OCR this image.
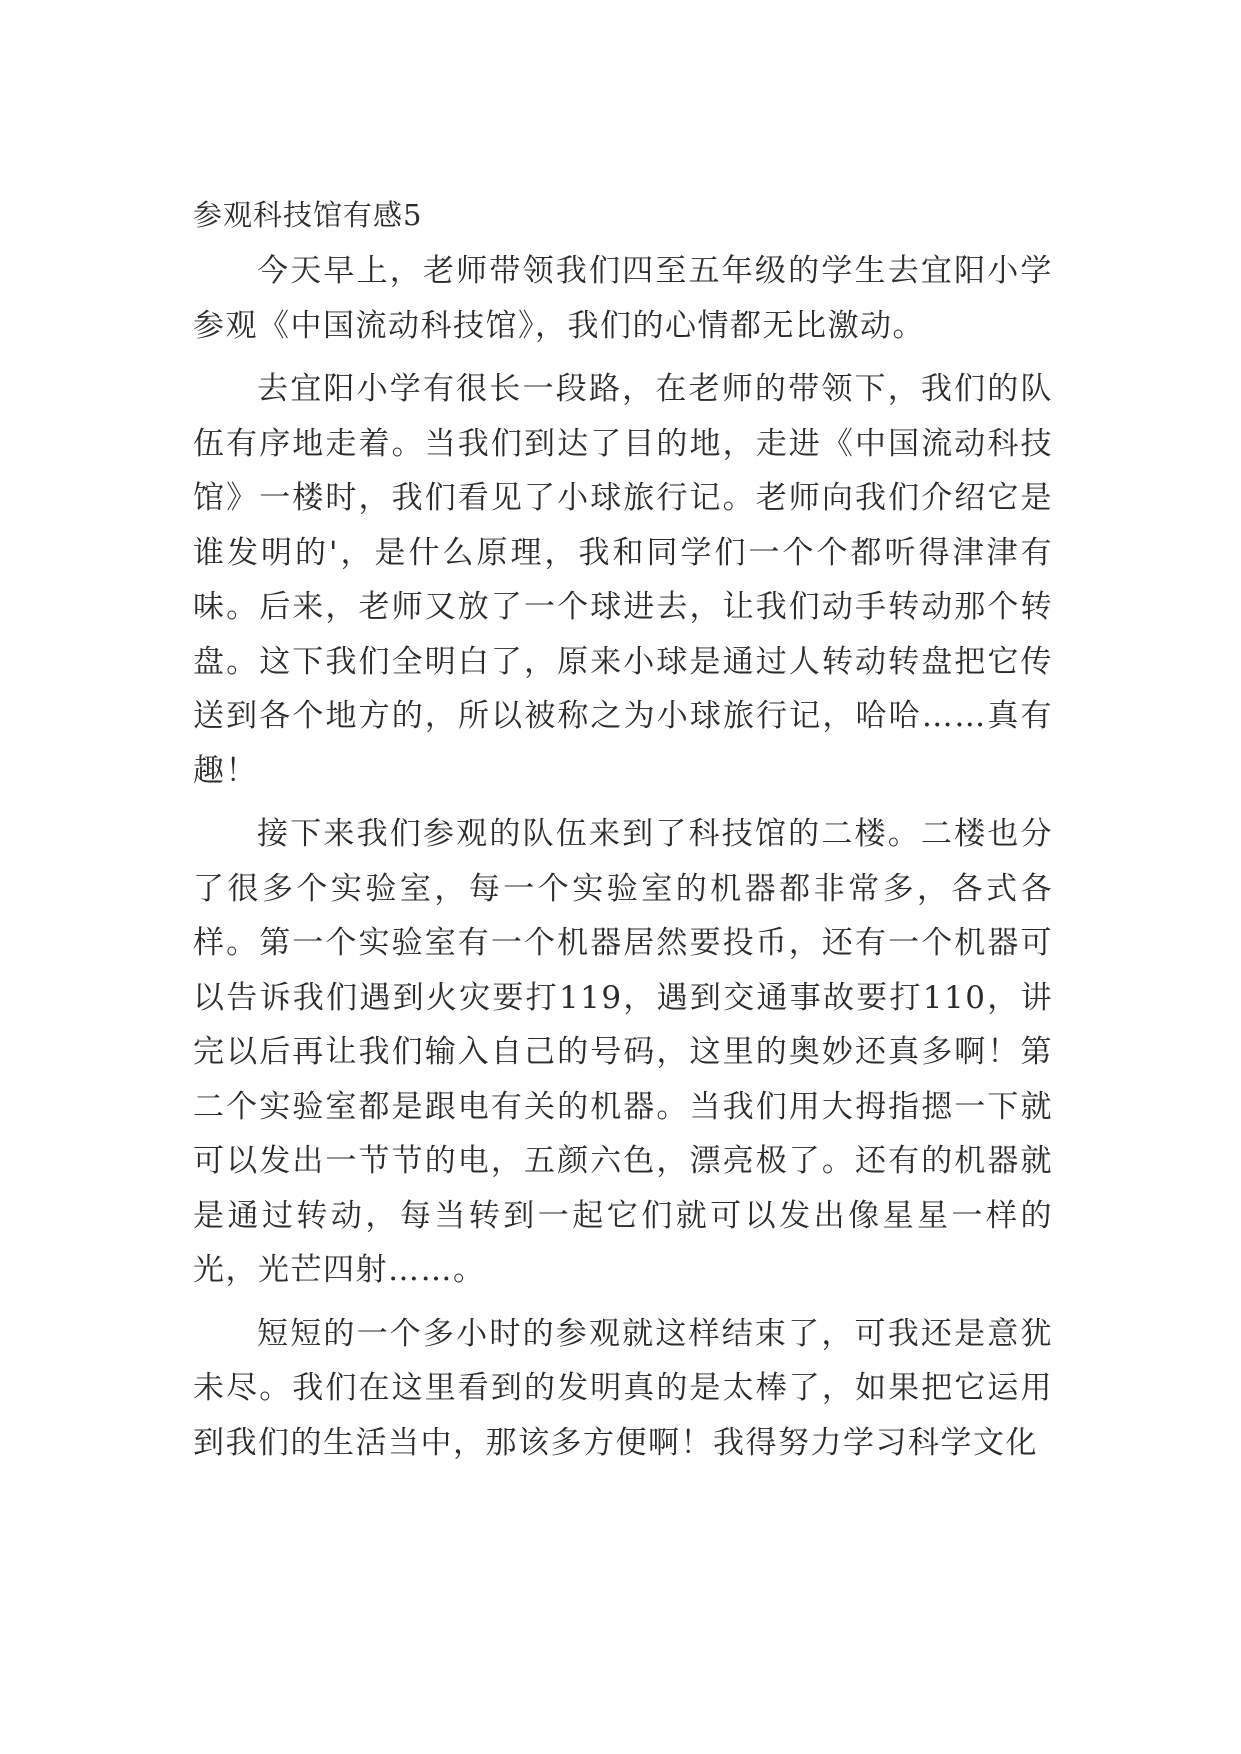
参观科技馆有感5

今天早上，老师带领我们四至五年级的学生去宜阳小学参观《中国流动科技馆》，我们的心情都无比激动。

去宜阳小学有很长一段路，在老师的带领下，我们的队伍有序地走着。当我们到达了目的地，走进《中国流动科技馆》一楼时，我们看见了小球旅行记。老师向我们介绍它是谁发明的'，是什么原理，我和同学们一个个都听得津津有味。后来，老师又放了一个球进去，让我们动手转动那个转盘。这下我们全明白了，原来小球是通过人转动转盘把它传送到各个地方的，所以被称之为小球旅行记，哈哈……真有趣！

接下来我们参观的队伍来到了科技馆的二楼。二楼也分了很多个实验室，每一个实验室的机器都非常多，各式各样。第一个实验室有一个机器居然要投币，还有一个机器可以告诉我们遇到火灾要打119，遇到交通事故要打110，讲完以后再让我们输入自己的号码，这里的奥妙还真多啊！第二个实验室都是跟电有关的机器。当我们用大拇指摁一下就可以发出一节节的电，五颜六色，漂亮极了。还有的机器就是通过转动，每当转到一起它们就可以发出像星星一样的光，光芒四射……。

短短的一个多小时的参观就这样结束了，可我还是意犹未尽。我们在这里看到的发明真的是太棒了，如果把它运用到我们的生活当中，那该多方便啊！我得努力学习科学文化
